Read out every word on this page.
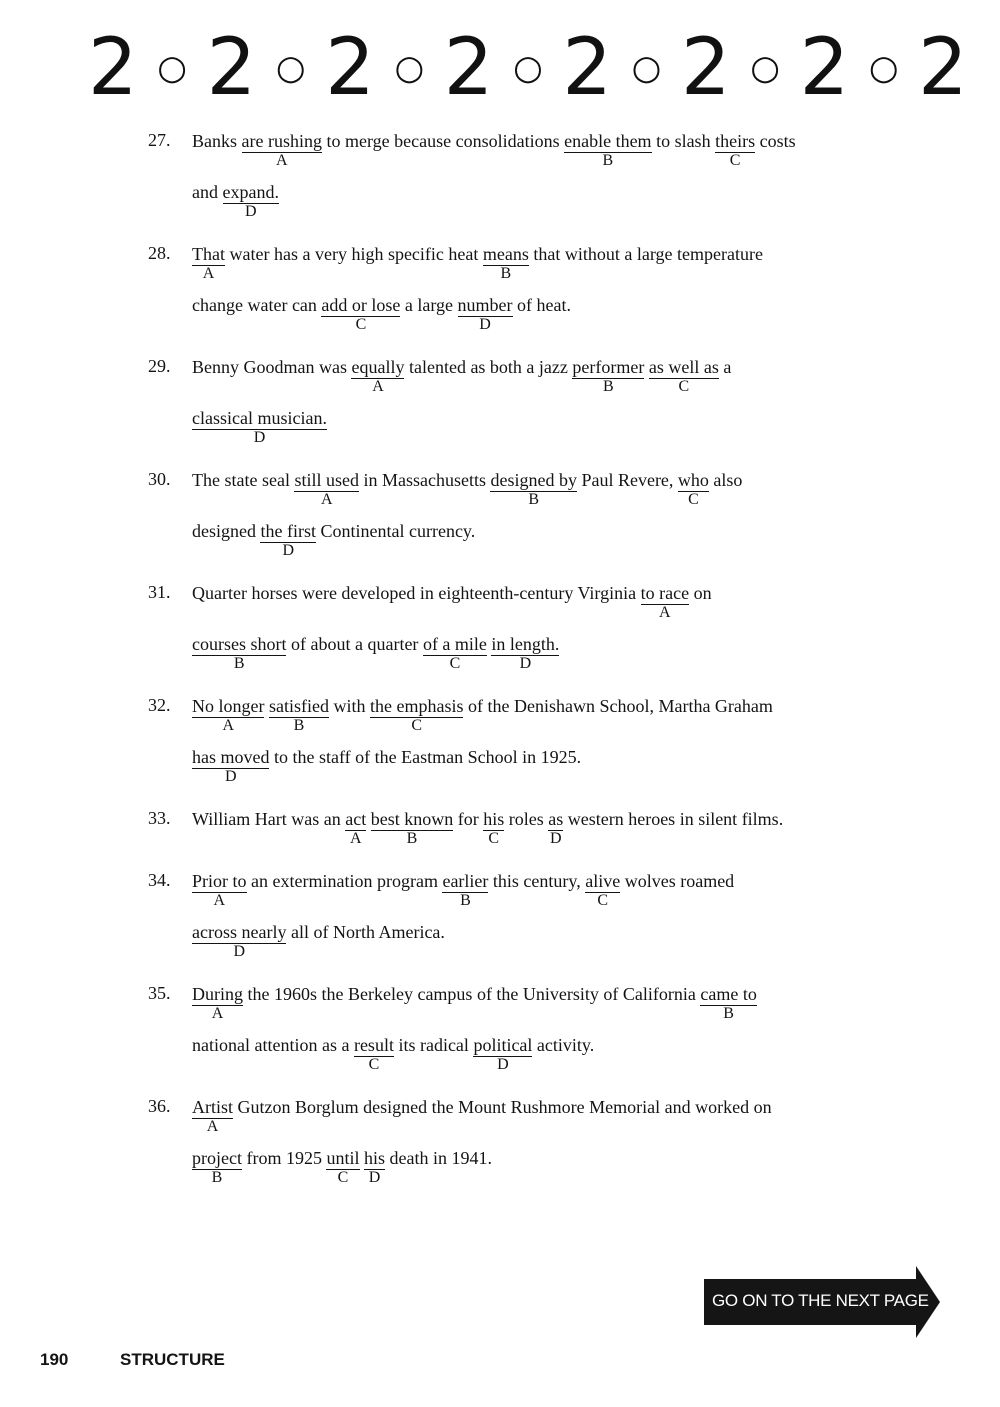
2 ○ 2 ○ 2 ○ 2 ○ 2 ○ 2 ○ 2 ○ 2
27.	Banks are rushing
A
to merge because consolidations enable them
B
to slash theirs
C
costs
and expand.
D
28.	That
A
water has a very high specific heat means
B
that without a large temperature
change water can add or lose
C
a large number
D
of heat.
29.	Benny Goodman was equally
A
talented as both a jazz performer
B

as well as
C
a
classical musician.
D
30.	The state seal still used
A
in Massachusetts designed by
B
Paul Revere, who
C
also
designed the first
D
Continental currency.
31.	Quarter horses were developed in eighteenth-century Virginia to race
A
on
courses short
B
of about a quarter of a mile
C

in length.
D
32.	No longer
A

satisfied
B
with the emphasis
C
of the Denishawn School, Martha Graham
has moved
D
to the staff of the Eastman School in 1925.
33.	William Hart was an act
A

best known
B
for his
C
roles $\frac{as}{D}$ western heroes in silent films.
34.	Prior to
A
an extermination program earlier
B
this century, alive
C
wolves roamed
across nearly
D
all of North America.
35.	During
A
the 1960s the Berkeley campus of the University of California came to
B
national attention as a result
C
its radical political
D
activity.
36.	Artist
A
Gutzon Borglum designed the Mount Rushmore Memorial and worked on
project
B
from 1925 until
C

his
D
death in 1941.
GO ON TO THE NEXT PAGE
190	STRUCTURE
